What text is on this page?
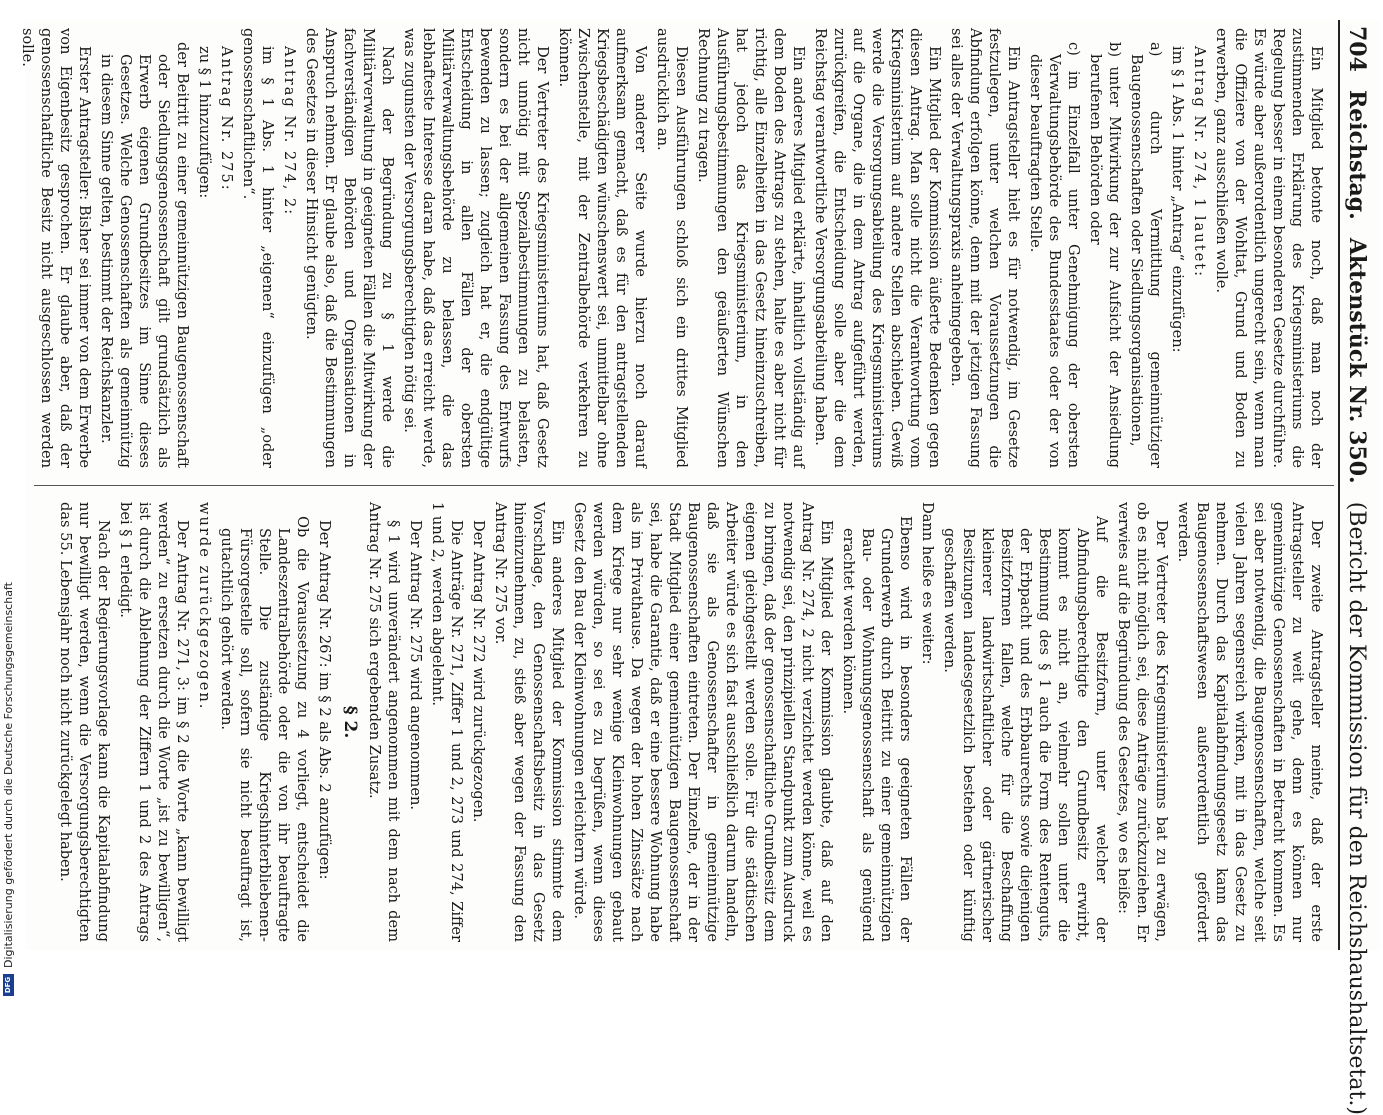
704
Reichstag.
Aktenstück Nr. 350.
(Bericht der Kommission für den Reichshaushaltsetat.)

Ein Mitglied betonte noch, daß man noch der zustimmenden Erklärung des Kriegsministeriums die Regelung besser in einem besonderen Gesetze durchführe. Es würde aber außerordentlich ungerecht sein, wenn man die Offiziere von der Wohltat, Grund und Boden zu erwerben, ganz ausschließen wolle.

Antrag Nr. 274, 1 lautet:

im § 1 Abs. 1 hinter „Antrag“ einzufügen:

a) durch Vermittlung gemeinnütziger Baugenossenschaften oder Siedlungsorganisationen,

b) unter Mitwirkung der zur Aufsicht der Ansiedlung berufenen Behörden oder

c) im Einzelfall unter Genehmigung der obersten Verwaltungsbehörde des Bundesstaates oder der von dieser beauftragten Stelle.

Ein Antragsteller hielt es für notwendig, im Gesetze festzulegen, unter welchen Voraussetzungen die Abfindung erfolgen könne, denn mit der jetzigen Fassung sei alles der Verwaltungspraxis anheimgegeben.

Ein Mitglied der Kommission äußerte Bedenken gegen diesen Antrag. Man solle nicht die Verantwortung vom Kriegsministerium auf andere Stellen abschieben. Gewiß werde die Versorgungsabteilung des Kriegsministeriums auf die Organe, die in dem Antrag aufgeführt werden, zurückgreifen, die Entscheidung solle aber die dem Reichstag verantwortliche Versorgungsabteilung haben.

Ein anderes Mitglied erklärte, inhaltlich vollständig auf dem Boden des Antrags zu stehen, halte es aber nicht für richtig, alle Einzelheiten in das Gesetz hineinzuschreiben, hat jedoch das Kriegsministerium, in den Ausführungsbestimmungen den geäußerten Wünschen Rechnung zu tragen.

Diesen Ausführungen schloß sich ein drittes Mitglied ausdrücklich an.

Von anderer Seite wurde hierzu noch darauf aufmerksam gemacht, daß es für den antragstellenden Kriegsbeschädigten wünschenswert sei, unmittelbar ohne Zwischenstelle, mit der Zentralbehörde verkehren zu können.

Der Vertreter des Kriegsministeriums hat, daß Gesetz nicht unnötig mit Spezialbestimmungen zu belasten, sondern es bei der allgemeinen Fassung des Entwurfs bewenden zu lassen; zugleich hat er, die endgültige Entscheidung in allen Fällen der obersten Militärverwaltungsbehörde zu belassen, die das lebhafteste Interesse daran habe, daß das erreicht werde, was zugunsten der Versorgungsberechtigten nötig sei.

Nach der Begründung zu § 1 werde die Militärverwaltung in geeigneten Fällen die Mitwirkung der fachverständigen Behörden und Organisationen in Anspruch nehmen. Er glaube also, daß die Bestimmungen des Gesetzes in dieser Hinsicht genügten.

Antrag Nr. 274, 2:

im § 1 Abs. 1 hinter „eigenen“ einzufügen „oder genossenschaftlichen“.

Antrag Nr. 275:

zu § 1 hinzuzufügen:

der Beitritt zu einer gemeinnützigen Baugenossenschaft oder Siedlungsgenossenschaft gilt grundsätzlich als Erwerb eigenen Grundbesitzes im Sinne dieses Gesetzes. Welche Genossenschaften als gemeinnützig in diesem Sinne gelten, bestimmt der Reichskanzler.

Erster Antragsteller: Bisher sei immer von dem Erwerbe von Eigenbesitz gesprochen. Er glaube aber, daß der genossenschaftliche Besitz nicht ausgeschlossen werden solle.

Der zweite Antragsteller meinte, daß der erste Antragsteller zu weit gehe, denn es können nur gemeinnützige Genossenschaften in Betracht kommen. Es sei aber notwendig, die Baugenossenschaften, welche seit vielen Jahren segensreich wirken, mit in das Gesetz zu nehmen. Durch das Kapitalabfindungsgesetz kann das Baugenossenschaftswesen außerordentlich gefördert werden.

Der Vertreter des Kriegsministeriums bat zu erwägen, ob es nicht möglich sei, diese Anträge zurückzuziehen. Er verwies auf die Begründung des Gesetzes, wo es heiße:

Auf die Besitzform, unter welcher der Abfindungsberechtigte den Grundbesitz erwirbt, kommt es nicht an, vielmehr sollen unter die Bestimmung des § 1 auch die Form des Rentenguts, der Erbpacht und des Erbbaurechts sowie diejenigen Besitzformen fallen, welche für die Beschaffung kleinerer landwirtschaftlicher oder gärtnerischer Besitzungen landesgesetzlich bestehen oder künftig geschaffen werden.

Dann heiße es weiter:

Ebenso wird in besonders geeigneten Fällen der Grunderwerb durch Beitritt zu einer gemeinnützigen Bau- oder Wohnungsgenossenschaft als genügend erachtet werden können.

Ein Mitglied der Kommission glaubte, daß auf den Antrag Nr. 274, 2 nicht verzichtet werden könne, weil es notwendig sei, den prinzipiellen Standpunkt zum Ausdruck zu bringen, daß der genossenschaftliche Grundbesitz dem eigenen gleichgestellt werden solle. Für die städtischen Arbeiter würde es sich fast ausschließlich darum handeln, daß sie als Genossenschafter in gemeinnützige Baugenossenschaften eintreten. Der Einzelne, der in der Stadt Mitglied einer gemeinnützigen Baugenossenschaft sei, habe die Garantie, daß er eine bessere Wohnung habe als im Privathause. Da wegen der hohen Zinssätze nach dem Kriege nur sehr wenige Kleinwohnungen gebaut werden würden, so sei es zu begrüßen, wenn dieses Gesetz den Bau der Kleinwohnungen erleichtern würde.

Ein anderes Mitglied der Kommission stimmte dem Vorschlage, den Genossenschaftsbesitz in das Gesetz hineinzunehmen, zu, stieß aber wegen der Fassung den Antrag Nr. 275 vor.

Der Antrag Nr. 272 wird zurückgezogen.

Die Anträge Nr. 271, Ziffer 1 und 2, 273 und 274, Ziffer 1 und 2, werden abgelehnt.

Der Antrag Nr. 275 wird angenommen.

§ 1 wird unverändert angenommen mit dem nach dem Antrag Nr. 275 sich ergebenden Zusatz.

§ 2.

Der Antrag Nr. 267: im § 2 als Abs. 2 anzufügen:

Ob die Voraussetzung zu 4 vorliegt, entscheidet die Landeszentralbehörde oder die von ihr beauftragte Stelle. Die zuständige Kriegshinterbliebenen-Fürsorgestelle soll, sofern sie nicht beauftragt ist, gutachtlich gehört werden.

wurde zurückgezogen.

Der Antrag Nr. 271, 3: im § 2 die Worte „kann bewilligt werden“ zu ersetzen durch die Worte „ist zu bewilligen“, ist durch die Ablehnung der Ziffern 1 und 2 des Antrags bei § 1 erledigt.

Nach der Regierungsvorlage kann die Kapitalabfindung nur bewilligt werden, wenn die Versorgungsberechtigten das 55. Lebensjahr noch nicht zurückgelegt haben.

DFG
Digitalisierung gefördert durch die Deutsche Forschungsgemeinschaft
